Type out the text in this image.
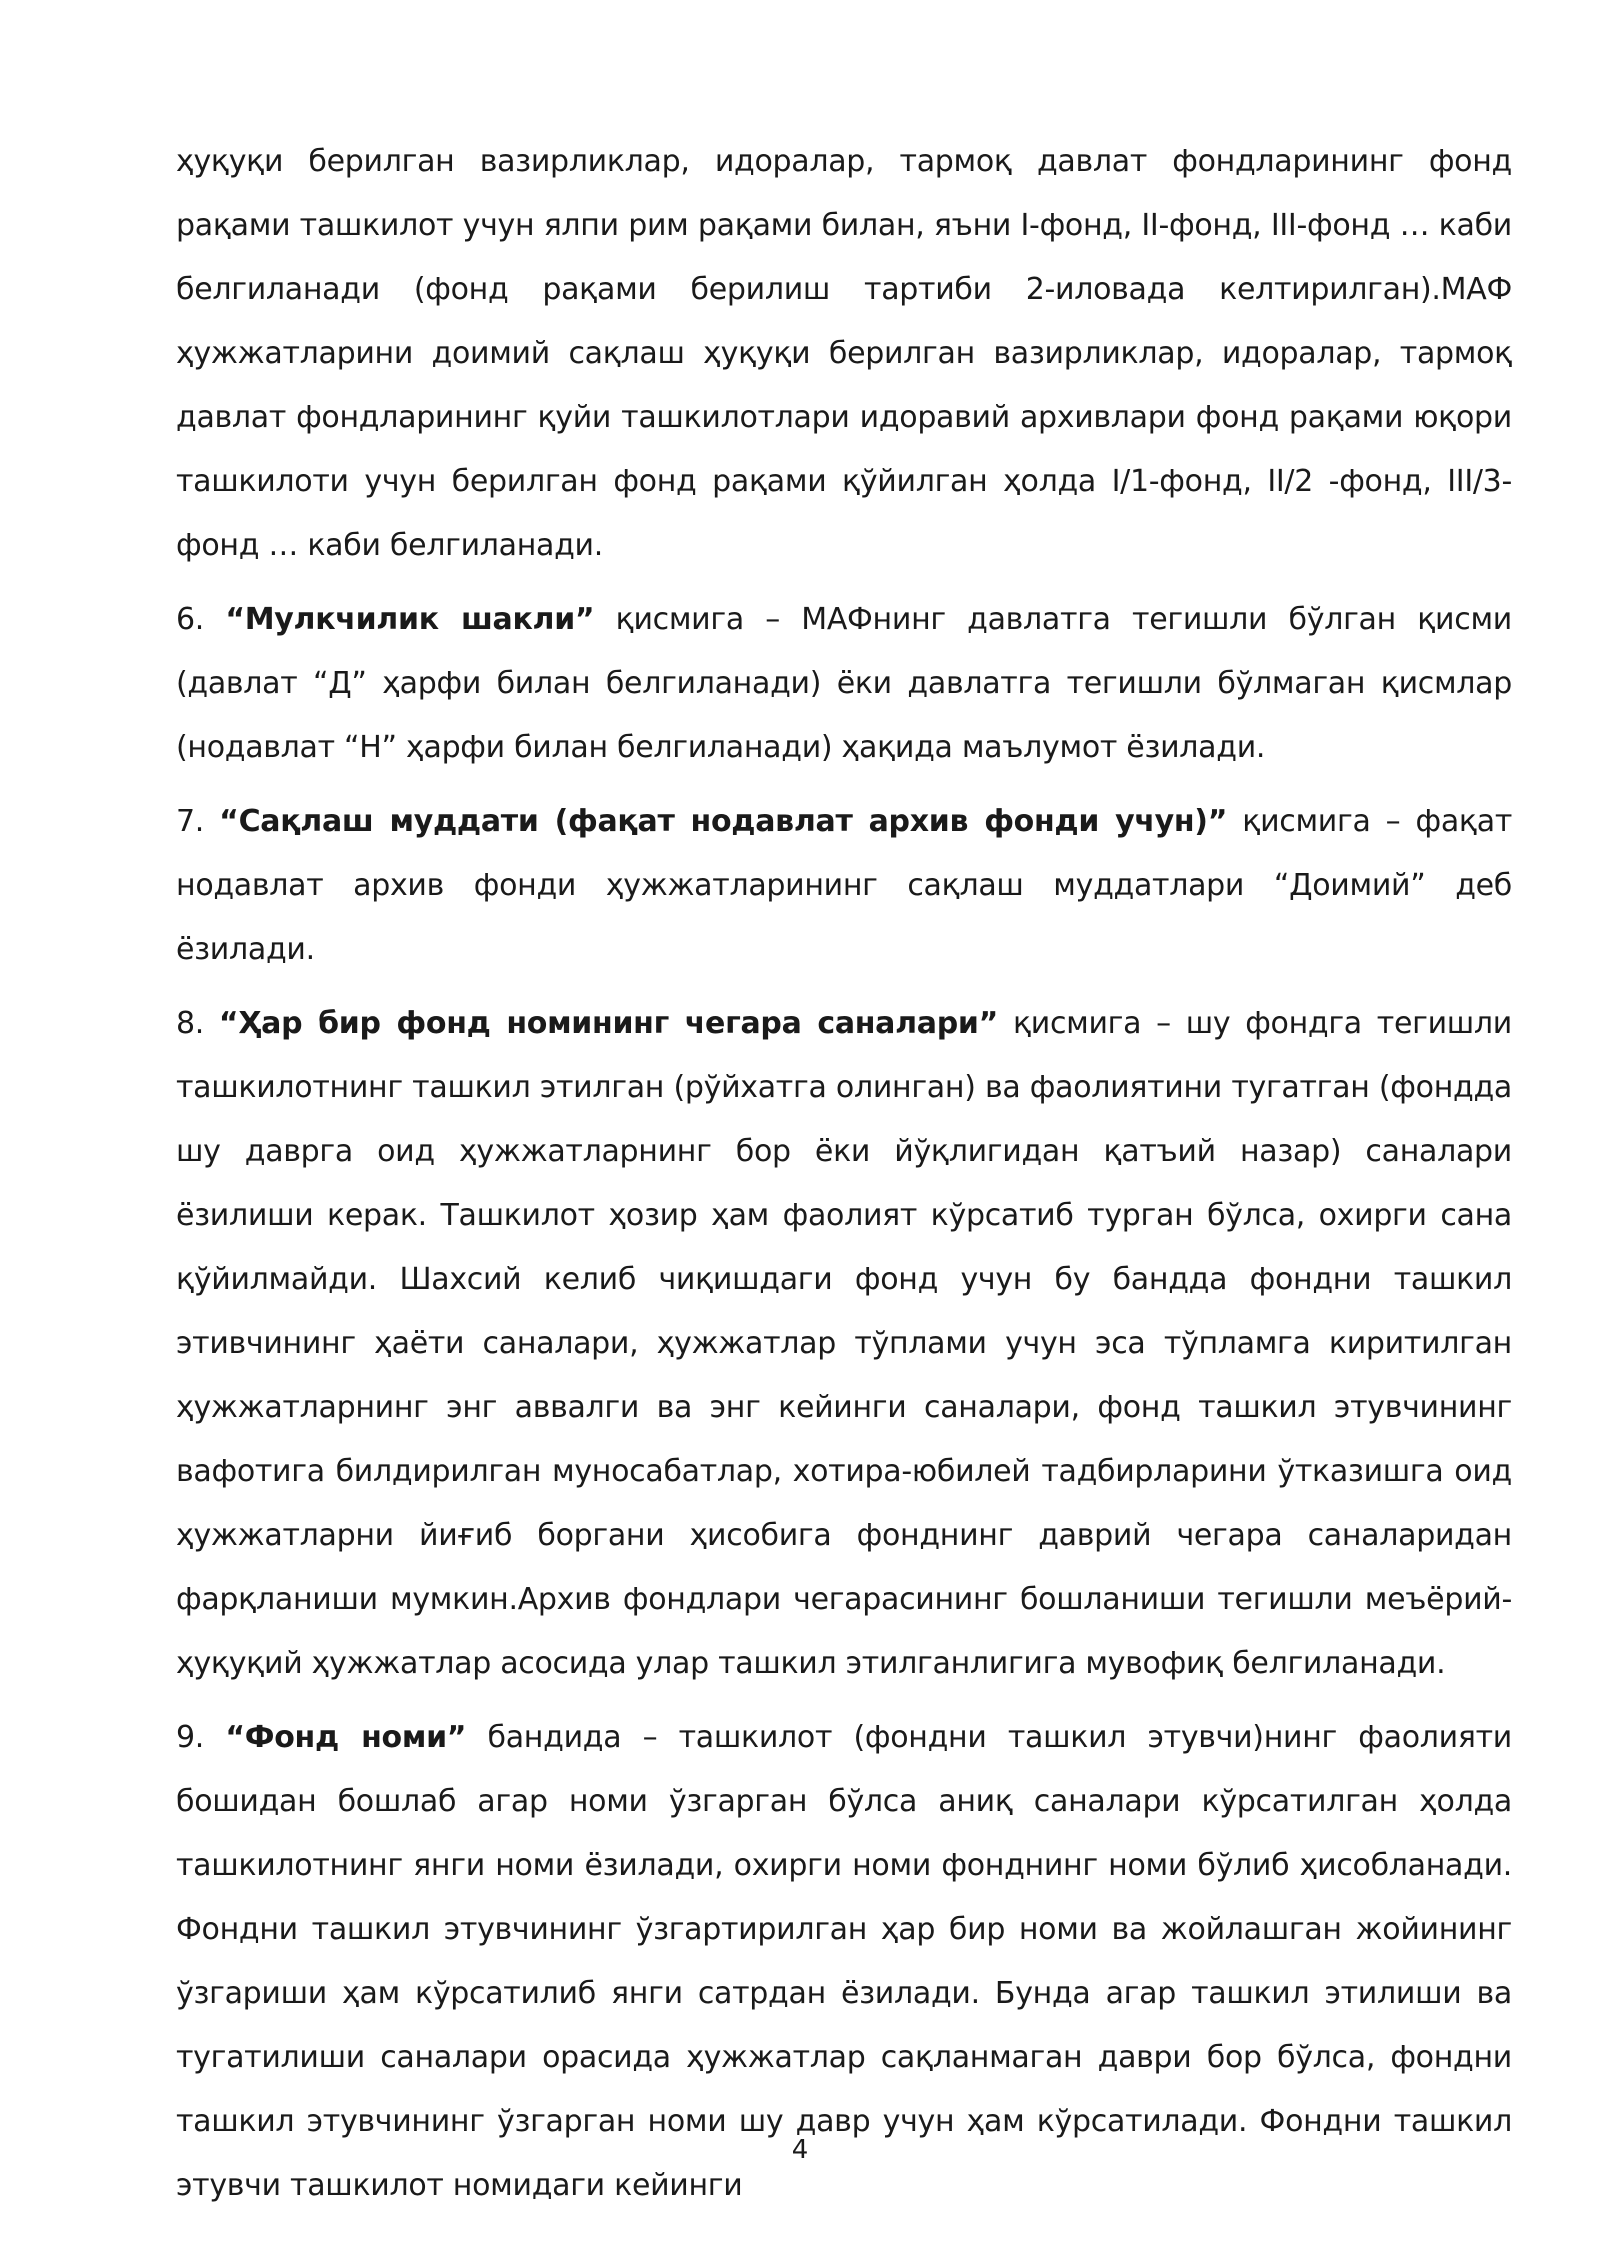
ҳуқуқи берилган вазирликлар, идоралар, тармоқ давлат фондларининг фонд рақами ташкилот учун ялпи рим рақами билан, яъни I-фонд, II-фонд, III-фонд … каби белгиланади (фонд рақами берилиш тартиби 2-иловада келтирилган).МАФ ҳужжатларини доимий сақлаш ҳуқуқи берилган вазирликлар, идоралар, тармоқ давлат фондларининг қуйи ташкилотлари идоравий архивлари фонд рақами юқори ташкилоти учун берилган фонд рақами қўйилган ҳолда I/1-фонд, II/2 -фонд, III/3-фонд … каби белгиланади.

6. “Мулкчилик шакли” қисмига – МАФнинг давлатга тегишли бўлган қисми (давлат “Д” ҳарфи билан белгиланади) ёки давлатга тегишли бўлмаган қисмлар (нодавлат “Н” ҳарфи билан белгиланади) ҳақида маълумот ёзилади.

7. “Сақлаш муддати (фақат нодавлат архив фонди учун)” қисмига – фақат нодавлат архив фонди ҳужжатларининг сақлаш муддатлари “Доимий” деб ёзилади.

8. “Ҳар бир фонд номининг чегара саналари” қисмига – шу фондга тегишли ташкилотнинг ташкил этилган (рўйхатга олинган) ва фаолиятини тугатган (фондда шу даврга оид ҳужжатларнинг бор ёки йўқлигидан қатъий назар) саналари ёзилиши керак. Ташкилот ҳозир ҳам фаолият кўрсатиб турган бўлса, охирги сана қўйилмайди. Шахсий келиб чиқишдаги фонд учун бу бандда фондни ташкил этивчининг ҳаёти саналари, ҳужжатлар тўплами учун эса тўпламга киритилган ҳужжатларнинг энг аввалги ва энг кейинги саналари, фонд ташкил этувчининг вафотига билдирилган муносабатлар, хотира-юбилей тадбирларини ўтказишга оид ҳужжатларни йиғиб боргани ҳисобига фонднинг даврий чегара саналаридан фарқланиши мумкин.Архив фондлари чегарасининг бошланиши тегишли меъёрий-ҳуқуқий ҳужжатлар асосида улар ташкил этилганлигига мувофиқ белгиланади.

9. “Фонд номи” бандида – ташкилот (фондни ташкил этувчи)нинг фаолияти бошидан бошлаб агар номи ўзгарган бўлса аниқ саналари кўрсатилган ҳолда ташкилотнинг янги номи ёзилади, охирги номи фонднинг номи бўлиб ҳисобланади. Фондни ташкил этувчининг ўзгартирилган ҳар бир номи ва жойлашган жойининг ўзгариши ҳам кўрсатилиб янги сатрдан ёзилади. Бунда агар ташкил этилиши ва тугатилиши саналари орасида ҳужжатлар сақланмаган даври бор бўлса, фондни ташкил этувчининг ўзгарган номи шу давр учун ҳам кўрсатилади. Фондни ташкил этувчи ташкилот номидаги кейинги

4
